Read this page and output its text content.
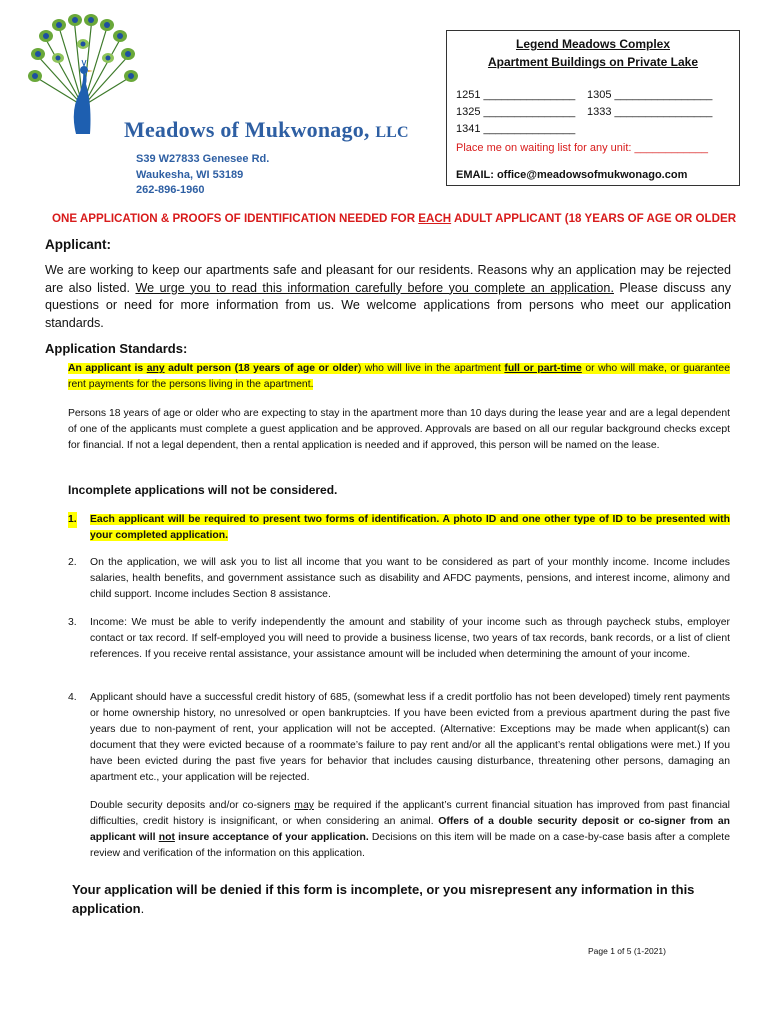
Meadows of Mukwonago, LLC
S39 W27833 Genesee Rd.
Waukesha, WI 53189
262-896-1960
Legend Meadows Complex
Apartment Buildings on Private Lake
1251 _______________ 1305 ________________
1325 _______________ 1333 ________________
1341 _______________
Place me on waiting list for any unit: ____________
EMAIL: office@meadowsofmukwonago.com
ONE APPLICATION & PROOFS OF IDENTIFICATION NEEDED FOR EACH ADULT APPLICANT (18 YEARS OF AGE OR OLDER
Applicant:
We are working to keep our apartments safe and pleasant for our residents. Reasons why an application may be rejected are also listed. We urge you to read this information carefully before you complete an application. Please discuss any questions or need for more information from us. We welcome applications from persons who meet our application standards.
Application Standards:
An applicant is any adult person (18 years of age or older) who will live in the apartment full or part-time or who will make, or guarantee rent payments for the persons living in the apartment.
Persons 18 years of age or older who are expecting to stay in the apartment more than 10 days during the lease year and are a legal dependent of one of the applicants must complete a guest application and be approved. Approvals are based on all our regular background checks except for financial. If not a legal dependent, then a rental application is needed and if approved, this person will be named on the lease.
Incomplete applications will not be considered.
1. Each applicant will be required to present two forms of identification. A photo ID and one other type of ID to be presented with your completed application.
2. On the application, we will ask you to list all income that you want to be considered as part of your monthly income. Income includes salaries, health benefits, and government assistance such as disability and AFDC payments, pensions, and interest income, alimony and child support. Income includes Section 8 assistance.
3. Income: We must be able to verify independently the amount and stability of your income such as through paycheck stubs, employer contact or tax record. If self-employed you will need to provide a business license, two years of tax records, bank records, or a list of client references. If you receive rental assistance, your assistance amount will be included when determining the amount of your income.
4. Applicant should have a successful credit history of 685, (somewhat less if a credit portfolio has not been developed) timely rent payments or home ownership history, no unresolved or open bankruptcies. If you have been evicted from a previous apartment during the past five years due to non-payment of rent, your application will not be accepted. (Alternative: Exceptions may be made when applicant(s) can document that they were evicted because of a roommate’s failure to pay rent and/or all the applicant’s rental obligations were met.) If you have been evicted during the past five years for behavior that includes causing disturbance, threatening other persons, damaging an apartment etc., your application will be rejected.
Double security deposits and/or co-signers may be required if the applicant’s current financial situation has improved from past financial difficulties, credit history is insignificant, or when considering an animal. Offers of a double security deposit or co-signer from an applicant will not insure acceptance of your application. Decisions on this item will be made on a case-by-case basis after a complete review and verification of the information on this application.
Your application will be denied if this form is incomplete, or you misrepresent any information in this application.
Page 1 of 5 (1-2021)
